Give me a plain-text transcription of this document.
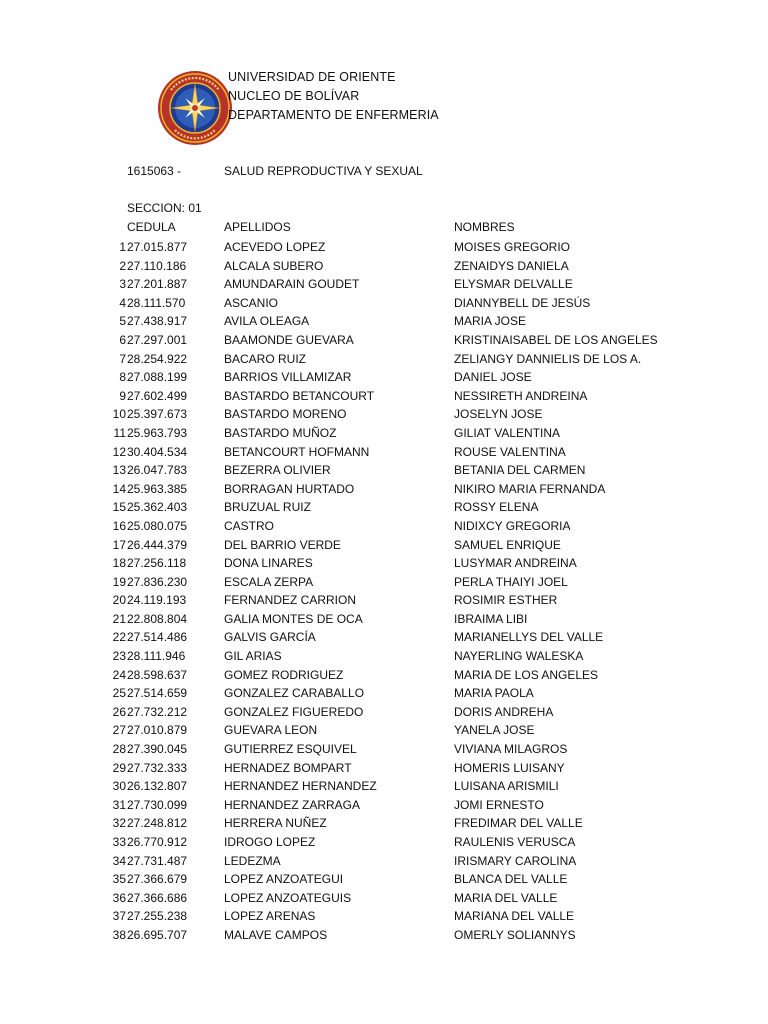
UNIVERSIDAD DE ORIENTE
NUCLEO DE BOLÍVAR
DEPARTAMENTO DE ENFERMERIA
1615063 -	SALUD REPRODUCTIVA Y SEXUAL
SECCION: 01
CEDULA	APELLIDOS	NOMBRES
1 27.015.877	ACEVEDO LOPEZ	MOISES GREGORIO
2 27.110.186	ALCALA SUBERO	ZENAIDYS DANIELA
3 27.201.887	AMUNDARAIN GOUDET	ELYSMAR DELVALLE
4 28.111.570	ASCANIO	DIANNYBELL DE JESÚS
5 27.438.917	AVILA OLEAGA	MARIA JOSE
6 27.297.001	BAAMONDE GUEVARA	KRISTINAISABEL DE LOS ANGELES
7 28.254.922	BACARO RUIZ	ZELIANGY DANNIELIS DE LOS A.
8 27.088.199	BARRIOS VILLAMIZAR	DANIEL JOSE
9 27.602.499	BASTARDO BETANCOURT	NESSIRETH ANDREINA
10 25.397.673	BASTARDO MORENO	JOSELYN JOSE
11 25.963.793	BASTARDO MUÑOZ	GILIAT VALENTINA
12 30.404.534	BETANCOURT HOFMANN	ROUSE VALENTINA
13 26.047.783	BEZERRA OLIVIER	BETANIA DEL CARMEN
14 25.963.385	BORRAGAN HURTADO	NIKIRO MARIA FERNANDA
15 25.362.403	BRUZUAL RUIZ	ROSSY ELENA
16 25.080.075	CASTRO	NIDIXCY GREGORIA
17 26.444.379	DEL BARRIO VERDE	SAMUEL ENRIQUE
18 27.256.118	DONA LINARES	LUSYMAR ANDREINA
19 27.836.230	ESCALA ZERPA	PERLA THAIYI JOEL
20 24.119.193	FERNANDEZ CARRION	ROSIMIR ESTHER
21 22.808.804	GALIA MONTES DE OCA	IBRAIMA LIBI
22 27.514.486	GALVIS GARCÍA	MARIANELLYS DEL VALLE
23 28.111.946	GIL ARIAS	NAYERLING WALESKA
24 28.598.637	GOMEZ RODRIGUEZ	MARIA DE LOS ANGELES
25 27.514.659	GONZALEZ CARABALLO	MARIA PAOLA
26 27.732.212	GONZALEZ FIGUEREDO	DORIS ANDREHA
27 27.010.879	GUEVARA LEON	YANELA JOSE
28 27.390.045	GUTIERREZ ESQUIVEL	VIVIANA MILAGROS
29 27.732.333	HERNADEZ BOMPART	HOMERIS LUISANY
30 26.132.807	HERNANDEZ HERNANDEZ	LUISANA ARISMILI
31 27.730.099	HERNANDEZ ZARRAGA	JOMI ERNESTO
32 27.248.812	HERRERA NUÑEZ	FREDIMAR DEL VALLE
33 26.770.912	IDROGO LOPEZ	RAULENIS VERUSCA
34 27.731.487	LEDEZMA	IRISMARY CAROLINA
35 27.366.679	LOPEZ ANZOATEGUI	BLANCA DEL VALLE
36 27.366.686	LOPEZ ANZOATEGUIS	MARIA DEL VALLE
37 27.255.238	LOPEZ ARENAS	MARIANA DEL VALLE
38 26.695.707	MALAVE CAMPOS	OMERLY SOLIANNYS
